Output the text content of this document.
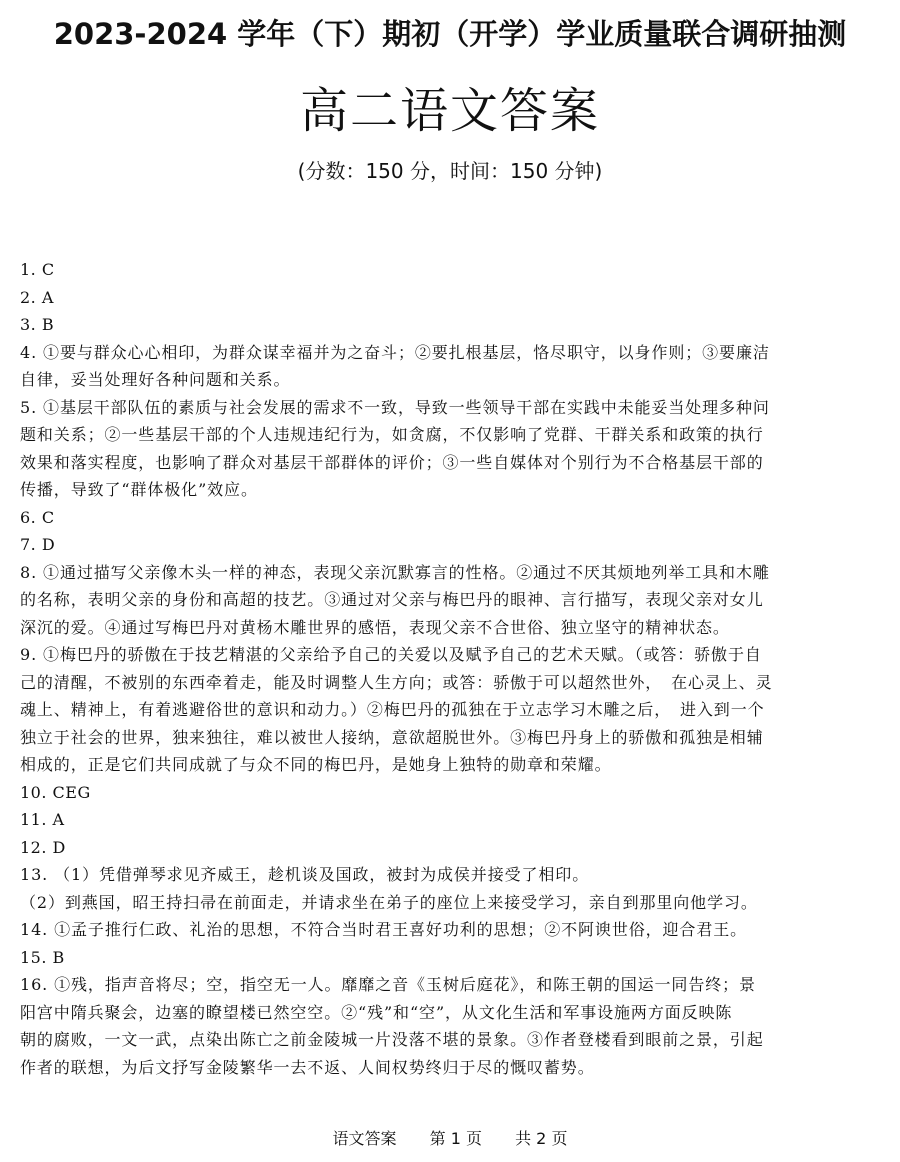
2023-2024 学年（下）期初（开学）学业质量联合调研抽测
高二语文答案
(分数：150 分，时间：150 分钟)
1. C
2. A
3. B
4. ①要与群众心心相印，为群众谋幸福并为之奋斗；②要扎根基层，恪尽职守，以身作则；③要廉洁
自律，妥当处理好各种问题和关系。
5. ①基层干部队伍的素质与社会发展的需求不一致，导致一些领导干部在实践中未能妥当处理多种问
题和关系；②一些基层干部的个人违规违纪行为，如贪腐，不仅影响了党群、干群关系和政策的执行
效果和落实程度，也影响了群众对基层干部群体的评价；③一些自媒体对个别行为不合格基层干部的
传播，导致了“群体极化”效应。
6. C
7. D
8. ①通过描写父亲像木头一样的神态，表现父亲沉默寡言的性格。②通过不厌其烦地列举工具和木雕
的名称，表明父亲的身份和高超的技艺。③通过对父亲与梅巴丹的眼神、言行描写，表现父亲对女儿
深沉的爱。④通过写梅巴丹对黄杨木雕世界的感悟，表现父亲不合世俗、独立坚守的精神状态。
9. ①梅巴丹的骄傲在于技艺精湛的父亲给予自己的关爱以及赋予自己的艺术天赋。（或答：骄傲于自
己的清醒，不被别的东西牵着走，能及时调整人生方向；或答：骄傲于可以超然世外，　在心灵上、灵
魂上、精神上，有着逃避俗世的意识和动力。）②梅巴丹的孤独在于立志学习木雕之后，　进入到一个
独立于社会的世界，独来独往，难以被世人接纳，意欲超脱世外。③梅巴丹身上的骄傲和孤独是相辅
相成的，正是它们共同成就了与众不同的梅巴丹，是她身上独特的勋章和荣耀。
10. CEG
11. A
12. D
13. （1）凭借弹琴求见齐威王，趁机谈及国政，被封为成侯并接受了相印。
（2）到燕国，昭王持扫帚在前面走，并请求坐在弟子的座位上来接受学习，亲自到那里向他学习。
14. ①孟子推行仁政、礼治的思想，不符合当时君王喜好功利的思想；②不阿谀世俗，迎合君王。
15. B
16. ①残，指声音将尽；空，指空无一人。靡靡之音《玉树后庭花》，和陈王朝的国运一同告终；景
阳宫中隋兵聚会，边塞的瞭望楼已然空空。②“残”和“空”，从文化生活和军事设施两方面反映陈
朝的腐败，一文一武，点染出陈亡之前金陵城一片没落不堪的景象。③作者登楼看到眼前之景，引起
作者的联想，为后文抒写金陵繁华一去不返、人间权势终归于尽的慨叹蓄势。
语文答案 第 1 页 共 2 页
